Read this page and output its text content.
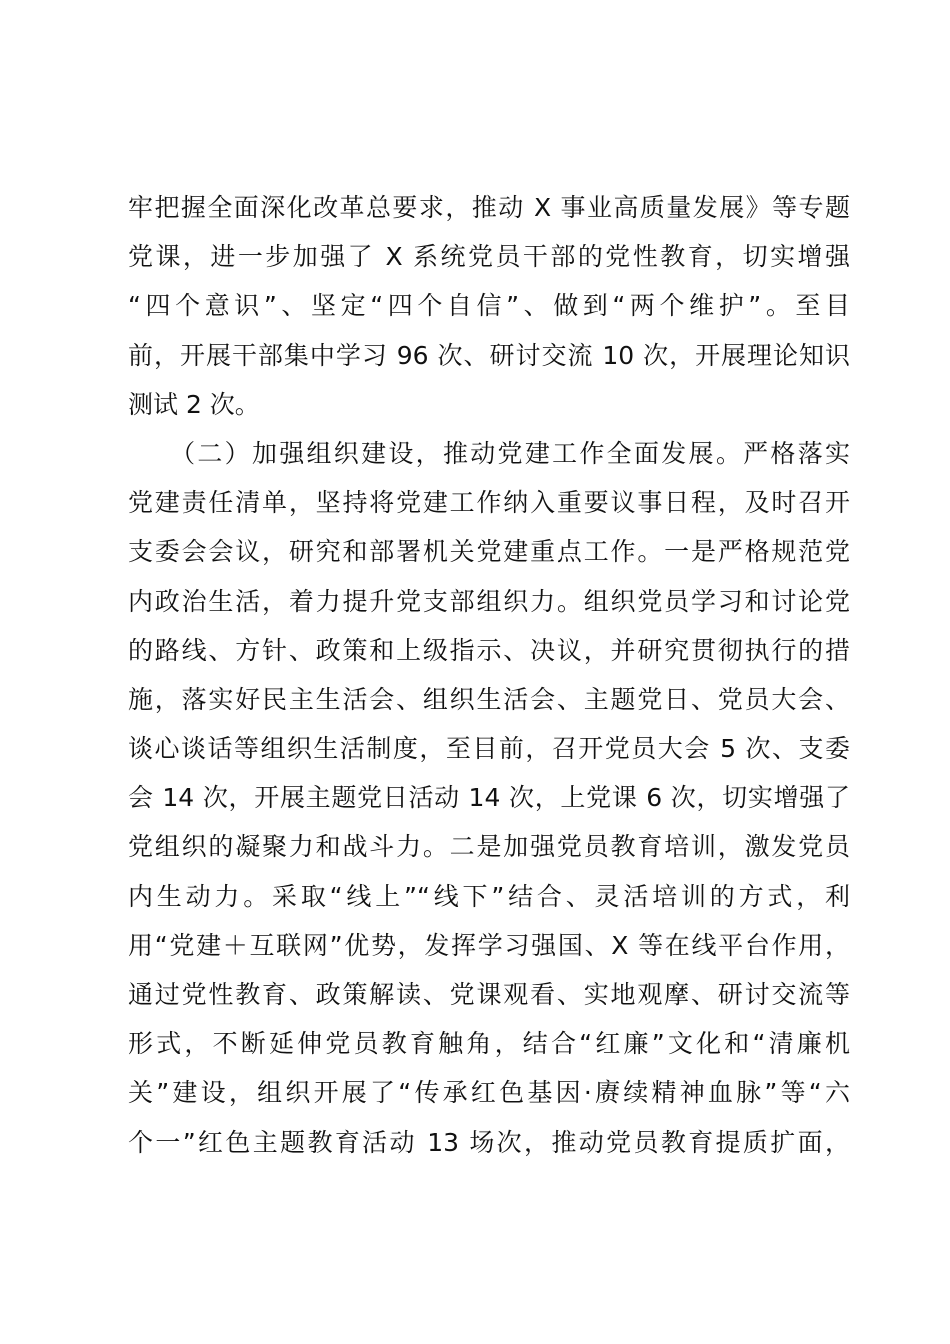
牢把握全面深化改革总要求，推动 X 事业高质量发展》等专题
党课，进一步加强了 X 系统党员干部的党性教育，切实增强
“四个意识”、坚定“四个自信”、做到“两个维护”。至目
前，开展干部集中学习 96 次、研讨交流 10 次，开展理论知识
测试 2 次。
　　（二）加强组织建设，推动党建工作全面发展。严格落实
党建责任清单，坚持将党建工作纳入重要议事日程，及时召开
支委会会议，研究和部署机关党建重点工作。一是严格规范党
内政治生活，着力提升党支部组织力。组织党员学习和讨论党
的路线、方针、政策和上级指示、决议，并研究贯彻执行的措
施，落实好民主生活会、组织生活会、主题党日、党员大会、
谈心谈话等组织生活制度，至目前，召开党员大会 5 次、支委
会 14 次，开展主题党日活动 14 次，上党课 6 次，切实增强了
党组织的凝聚力和战斗力。二是加强党员教育培训，激发党员
内生动力。采取“线上”“线下”结合、灵活培训的方式，利
用“党建＋互联网”优势，发挥学习强国、X 等在线平台作用，
通过党性教育、政策解读、党课观看、实地观摩、研讨交流等
形式，不断延伸党员教育触角，结合“红廉”文化和“清廉机
关”建设，组织开展了“传承红色基因·赓续精神血脉”等“六
个一”红色主题教育活动 13 场次，推动党员教育提质扩面，
